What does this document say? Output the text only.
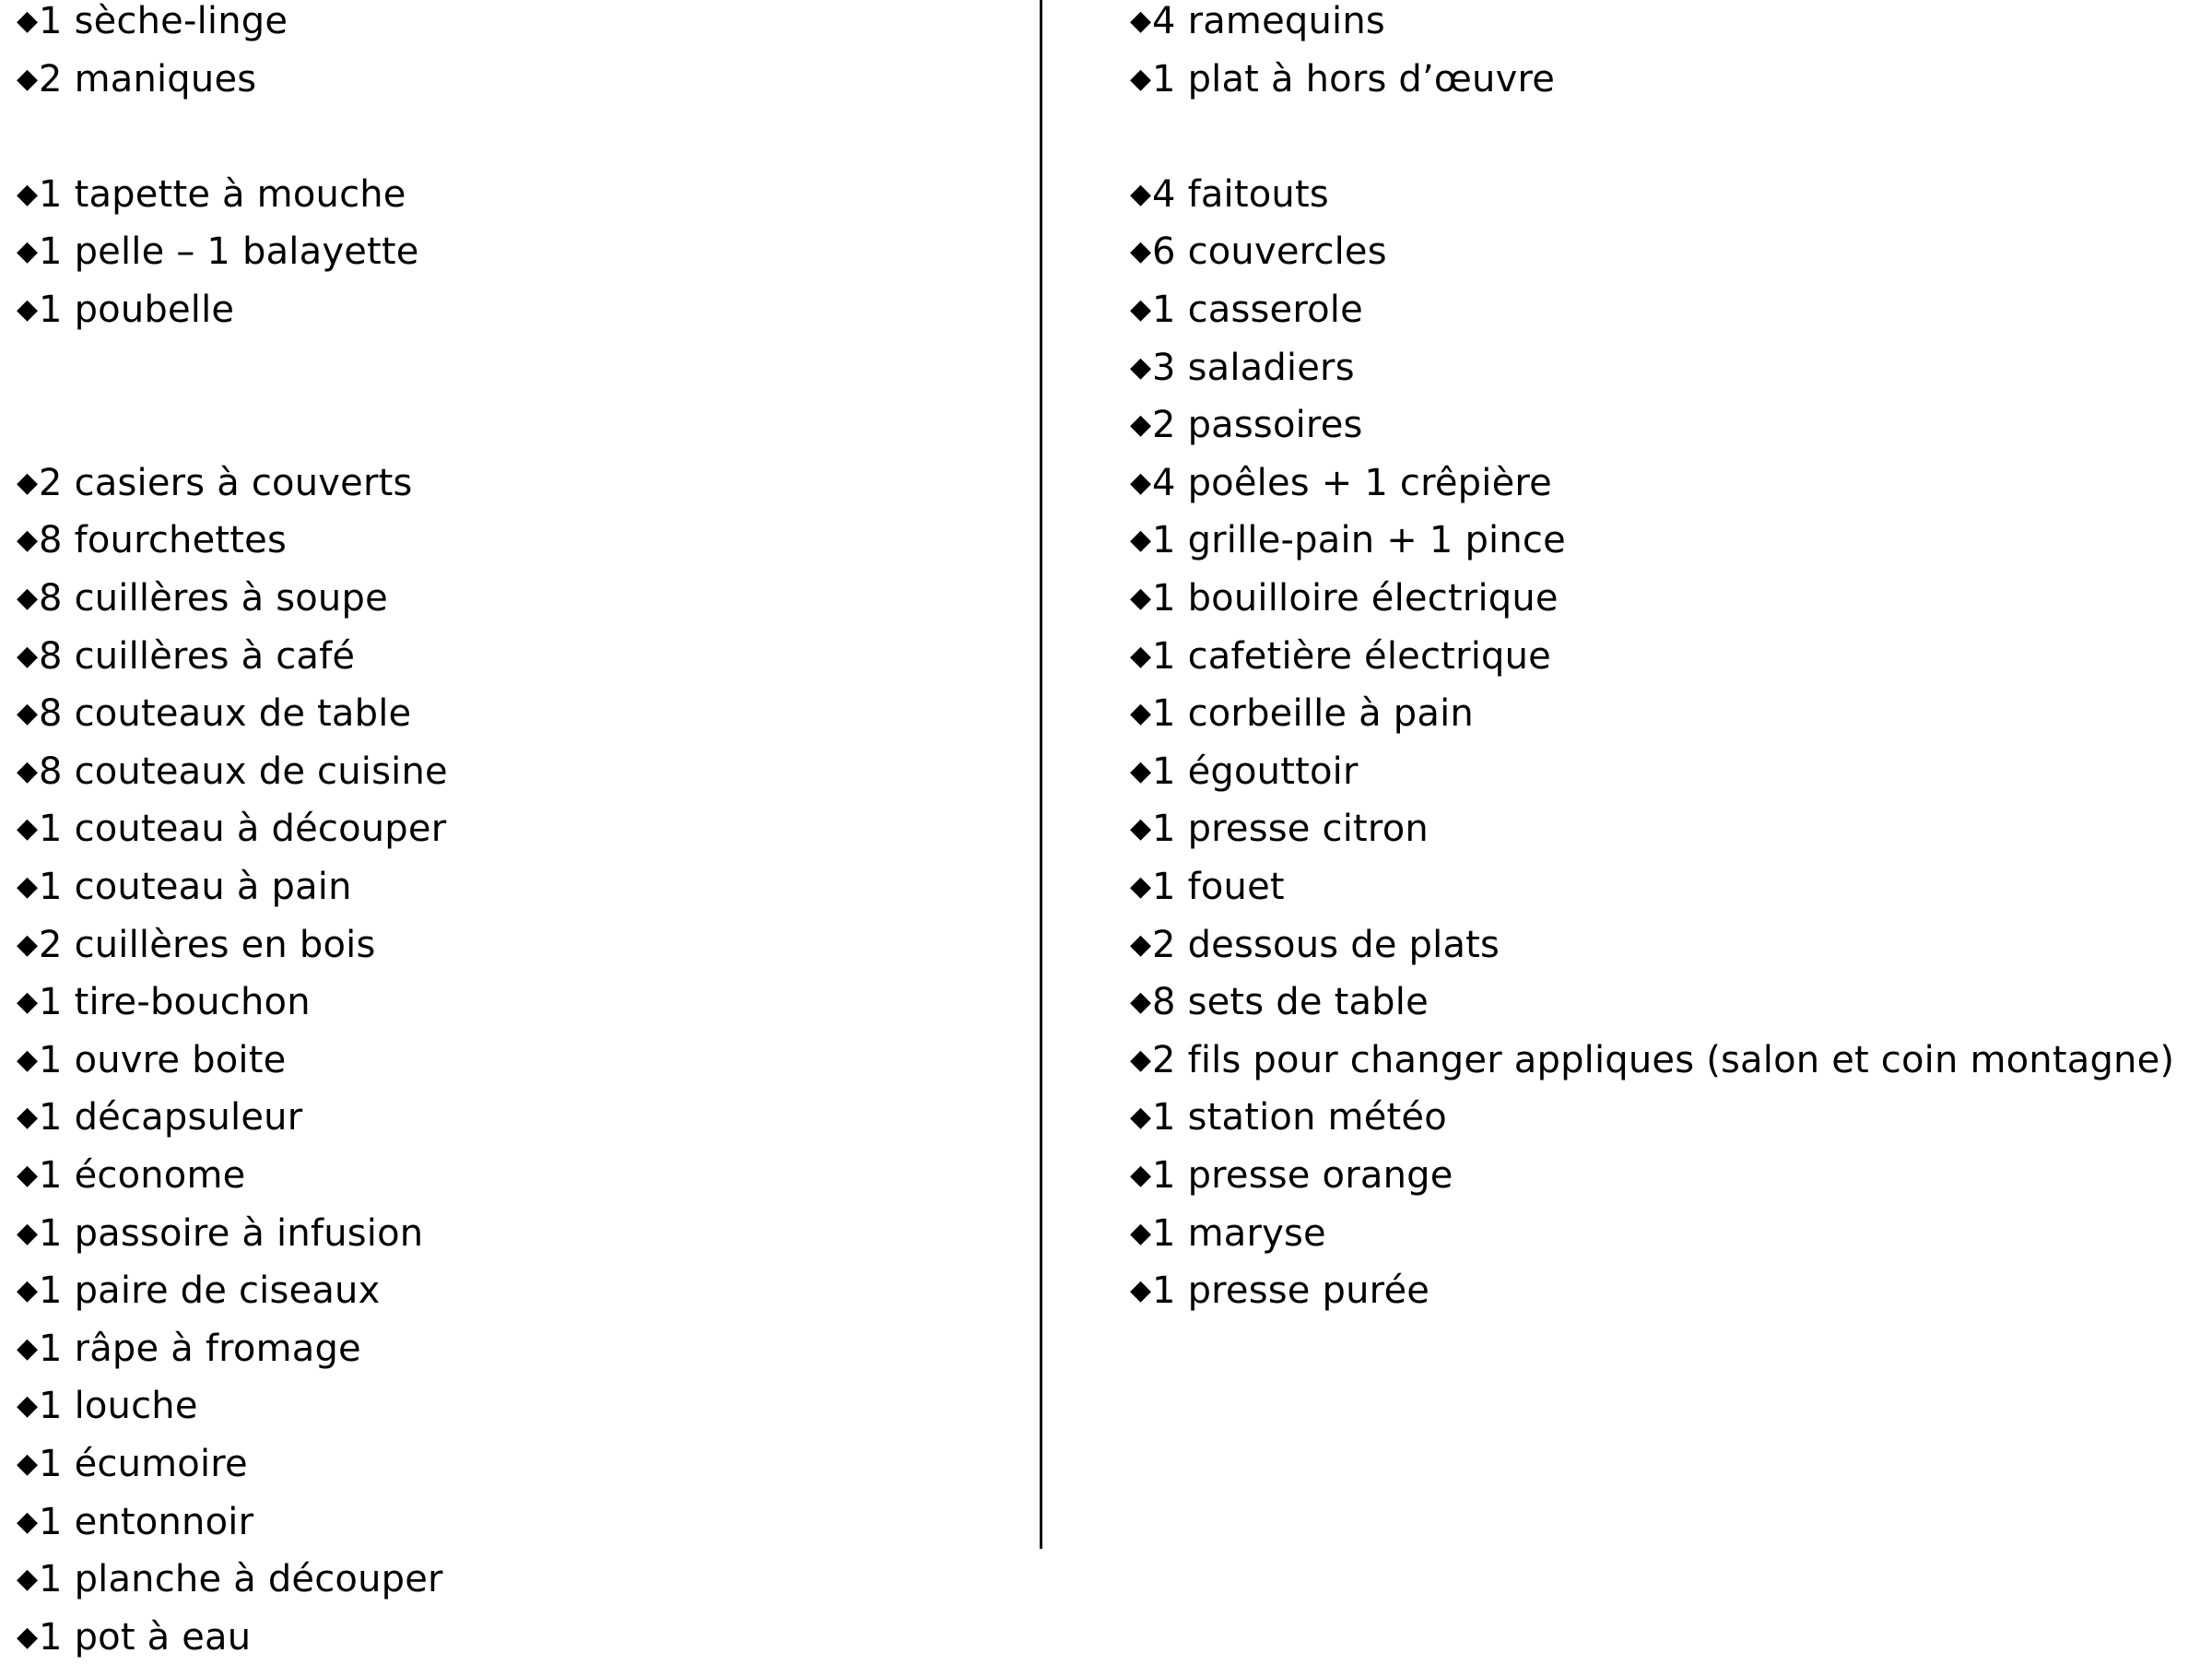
◆1 sèche-linge
◆2 maniques
◆1 tapette à mouche
◆1 pelle – 1 balayette
◆1 poubelle
◆2 casiers à couverts
◆8 fourchettes
◆8 cuillères à soupe
◆8 cuillères à café
◆8 couteaux de table
◆8 couteaux de cuisine
◆1 couteau à découper
◆1 couteau à pain
◆2 cuillères en bois
◆1 tire-bouchon
◆1 ouvre boite
◆1 décapsuleur
◆1 économe
◆1 passoire à infusion
◆1 paire de ciseaux
◆1 râpe à fromage
◆1 louche
◆1 écumoire
◆1 entonnoir
◆1 planche à découper
◆1 pot à eau
◆4 ramequins
◆1 plat à hors d’œuvre
◆4 faitouts
◆6 couvercles
◆1 casserole
◆3 saladiers
◆2 passoires
◆4 poêles + 1 crêpière
◆1 grille-pain + 1 pince
◆1 bouilloire électrique
◆1 cafetière électrique
◆1 corbeille à pain
◆1 égouttoir
◆1 presse citron
◆1 fouet
◆2 dessous de plats
◆8 sets de table
◆2 fils pour changer appliques (salon et coin montagne)
◆1 station météo
◆1 presse orange
◆1 maryse
◆1 presse purée
